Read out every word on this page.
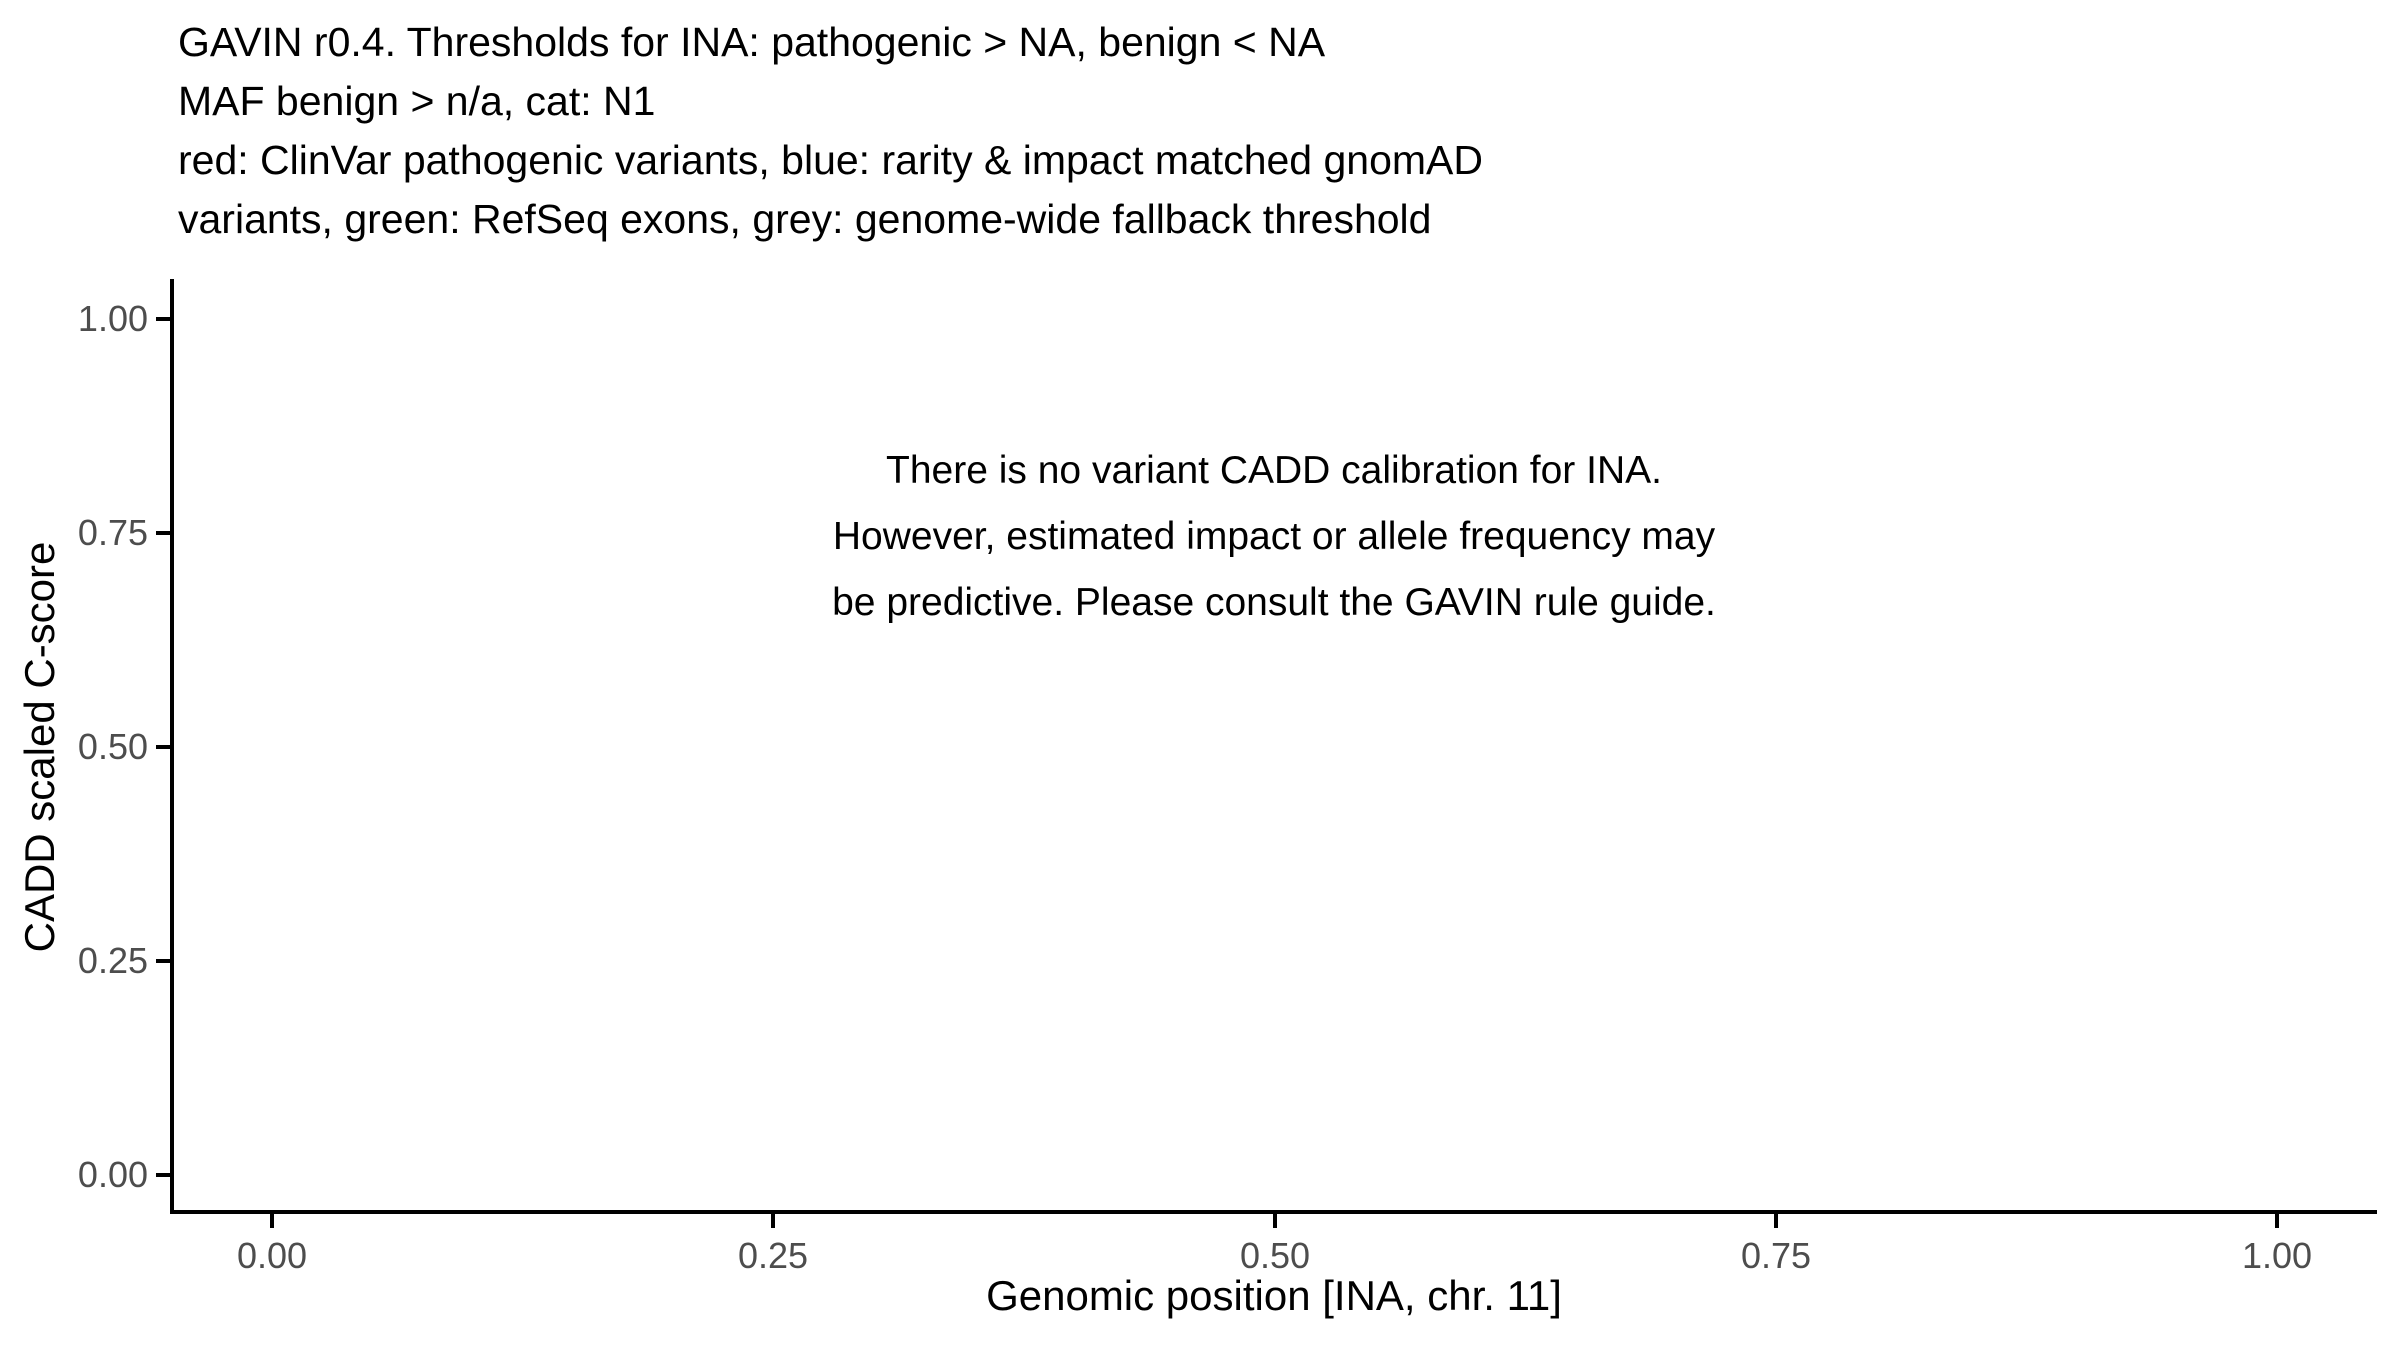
GAVIN r0.4. Thresholds for INA: pathogenic > NA, benign < NA
MAF benign > n/a, cat: N1
red: ClinVar pathogenic variants, blue: rarity & impact matched gnomAD
variants, green: RefSeq exons, grey: genome-wide fallback threshold
1.00
0.75
0.50
0.25
0.00
0.00	0.25	0.50	0.75	1.00
Genomic position [INA, chr. 11]
CADD scaled C-score
There is no variant CADD calibration for INA.
However, estimated impact or allele frequency may
be predictive. Please consult the GAVIN rule guide.
